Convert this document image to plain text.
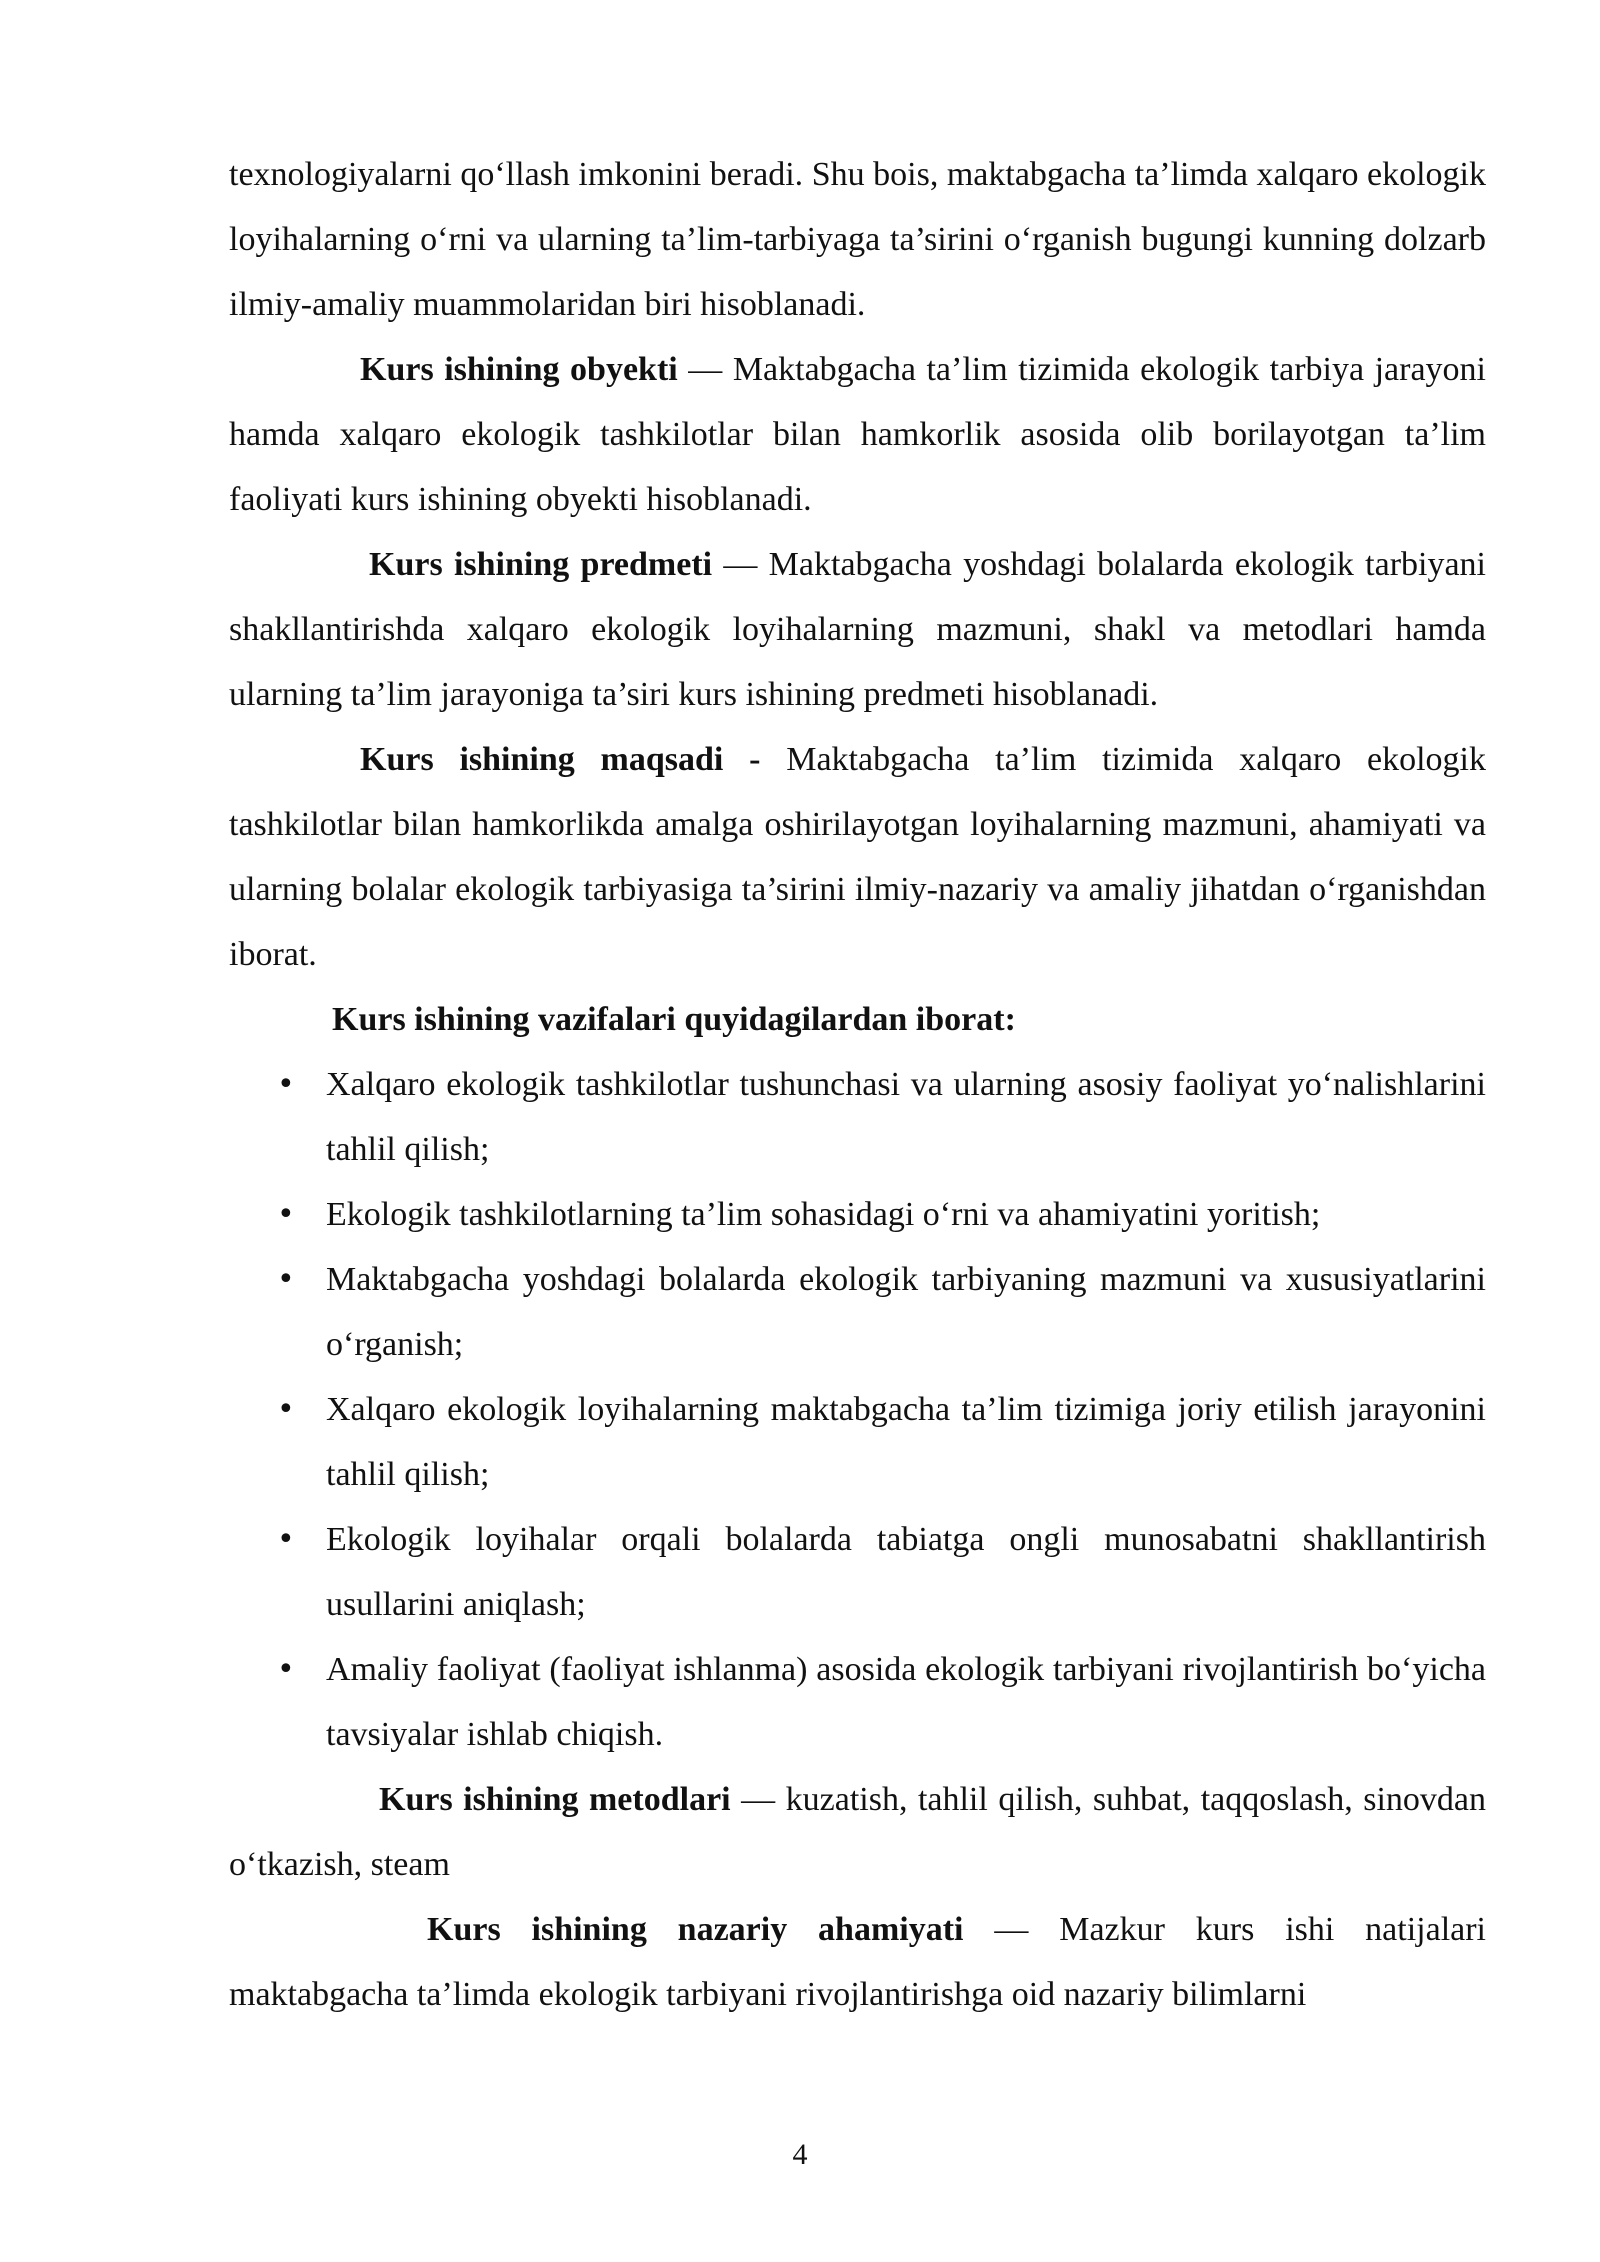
texnologiyalarni qo‘llash imkonini beradi. Shu bois, maktabgacha ta’limda xalqaro ekologik loyihalarning o‘rni va ularning ta’lim-tarbiyaga ta’sirini o‘rganish bugungi kunning dolzarb ilmiy-amaliy muammolaridan biri hisoblanadi.

Kurs ishining obyekti — Maktabgacha ta’lim tizimida ekologik tarbiya jarayoni hamda xalqaro ekologik tashkilotlar bilan hamkorlik asosida olib borilayotgan ta’lim faoliyati kurs ishining obyekti hisoblanadi.

Kurs ishining predmeti — Maktabgacha yoshdagi bolalarda ekologik tarbiyani shakllantirishda xalqaro ekologik loyihalarning mazmuni, shakl va metodlari hamda ularning ta’lim jarayoniga ta’siri kurs ishining predmeti hisoblanadi.

Kurs ishining maqsadi - Maktabgacha ta’lim tizimida xalqaro ekologik tashkilotlar bilan hamkorlikda amalga oshirilayotgan loyihalarning mazmuni, ahamiyati va ularning bolalar ekologik tarbiyasiga ta’sirini ilmiy-nazariy va amaliy jihatdan o‘rganishdan iborat.

Kurs ishining vazifalari quyidagilardan iborat:

• Xalqaro ekologik tashkilotlar tushunchasi va ularning asosiy faoliyat yo‘nalishlarini tahlil qilish;
• Ekologik tashkilotlarning ta’lim sohasidagi o‘rni va ahamiyatini yoritish;
• Maktabgacha yoshdagi bolalarda ekologik tarbiyaning mazmuni va xususiyatlarini o‘rganish;
• Xalqaro ekologik loyihalarning maktabgacha ta’lim tizimiga joriy etilish jarayonini tahlil qilish;
• Ekologik loyihalar orqali bolalarda tabiatga ongli munosabatni shakllantirish usullarini aniqlash;
• Amaliy faoliyat (faoliyat ishlanma) asosida ekologik tarbiyani rivojlantirish bo‘yicha tavsiyalar ishlab chiqish.

Kurs ishining metodlari — kuzatish, tahlil qilish, suhbat, taqqoslash, sinovdan o‘tkazish, steam

Kurs ishining nazariy ahamiyati — Mazkur kurs ishi natijalari maktabgacha ta’limda ekologik tarbiyani rivojlantirishga oid nazariy bilimlarni

4
